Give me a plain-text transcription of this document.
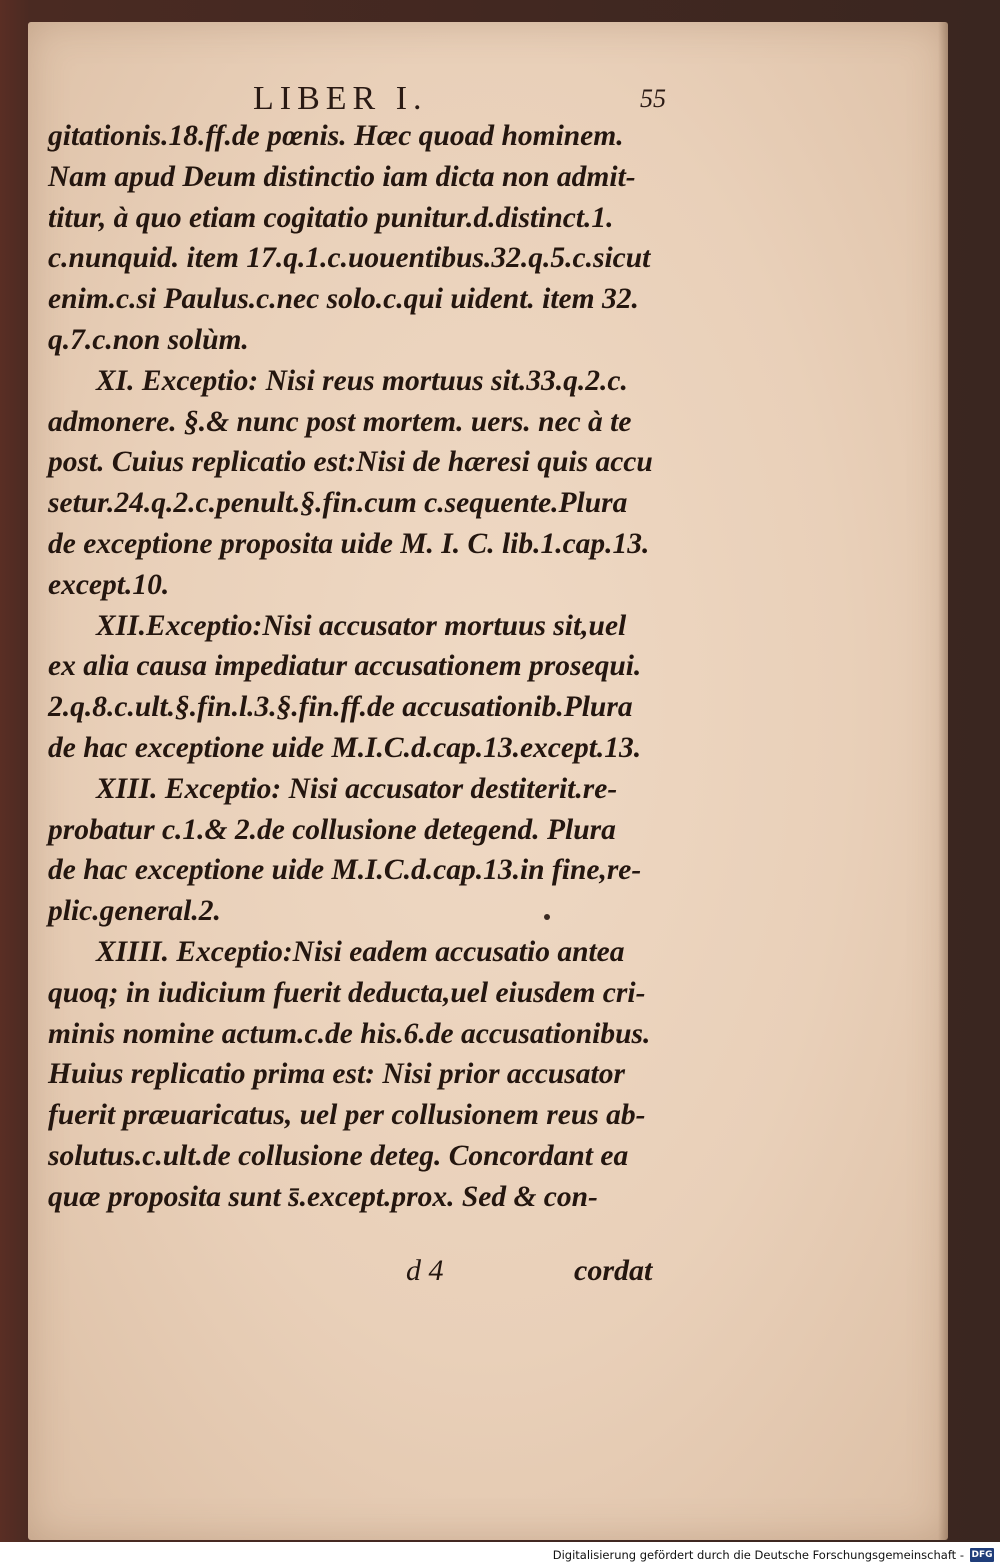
LIBER I.	55

gitationis.18.ff.de pœnis. Hæc quoad hominem.

Nam apud Deum distinctio iam dicta non admit-

titur, à quo etiam cogitatio punitur.d.distinct.1.

c.nunquid. item 17.q.1.c.uouentibus.32.q.5.c.sicut

enim.c.si Paulus.c.nec solo.c.qui uident. item 32.

q.7.c.non solùm.

XI. Exceptio: Nisi reus mortuus sit.33.q.2.c.

admonere. §.& nunc post mortem. uers. nec à te

post. Cuius replicatio est:Nisi de hæresi quis accu

setur.24.q.2.c.penult.§.fin.cum c.sequente.Plura

de exceptione proposita uide M. I. C. lib.1.cap.13.

except.10.

XII.Exceptio:Nisi accusator mortuus sit,uel

ex alia causa impediatur accusationem prosequi.

2.q.8.c.ult.§.fin.l.3.§.fin.ff.de accusationib.Plura

de hac exceptione uide M.I.C.d.cap.13.except.13.

XIII. Exceptio: Nisi accusator destiterit.re-

probatur c.1.& 2.de collusione detegend. Plura

de hac exceptione uide M.I.C.d.cap.13.in fine,re-

plic.general.2.

XIIII. Exceptio:Nisi eadem accusatio antea

quoq; in iudicium fuerit deducta,uel eiusdem cri-

minis nomine actum.c.de his.6.de accusationibus.

Huius replicatio prima est: Nisi prior accusator

fuerit præuaricatus, uel per collusionem reus ab-

solutus.c.ult.de collusione deteg. Concordant ea

quæ proposita sunt s̄.except.prox. Sed & con-

d 4	cordat
Digitalisierung gefördert durch die Deutsche Forschungsgemeinschaft - DFG
